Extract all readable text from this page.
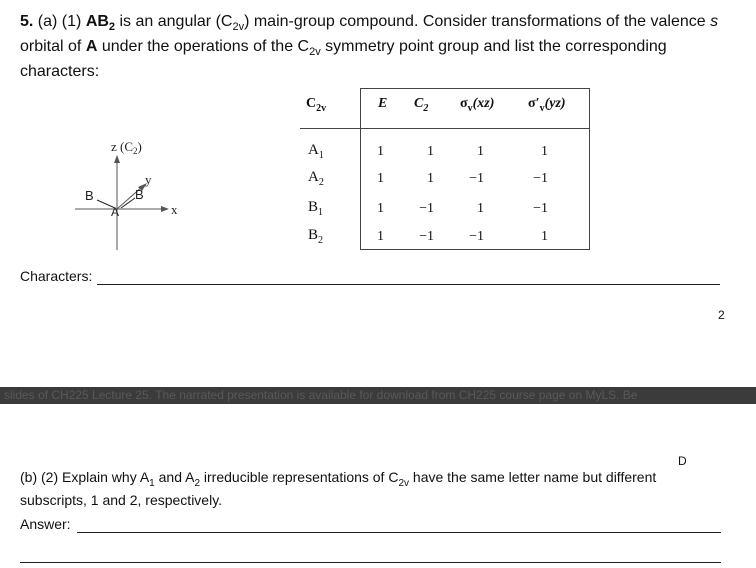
5. (a) (1) $AB_2$ is an angular $(C_{2v})$ main-group compound. Consider transformations of the valence s orbital of A under the operations of the $C_{2v}$ symmetry point group and list the corresponding characters:

z $(C_2)$
y
x
B
A
B
$C_{2v}$	E $C_2$ $\sigma_v(xz)$ $\sigma'_v(yz)$
$A_1$	1	1	1	1
$A_2$	1	1	−1	−1
$B_1$	1	−1	1	−1
$B_2$	1	−1	−1	1
Characters:
2
slides of CH225 Lecture 25. The narrated presentation is available for download from CH225 course page on MyLS. Be
D

(b) (2) Explain why $A_1$ and $A_2$ irreducible representations of $C_{2v}$ have the same letter name but different subscripts, 1 and 2, respectively.

Answer:
